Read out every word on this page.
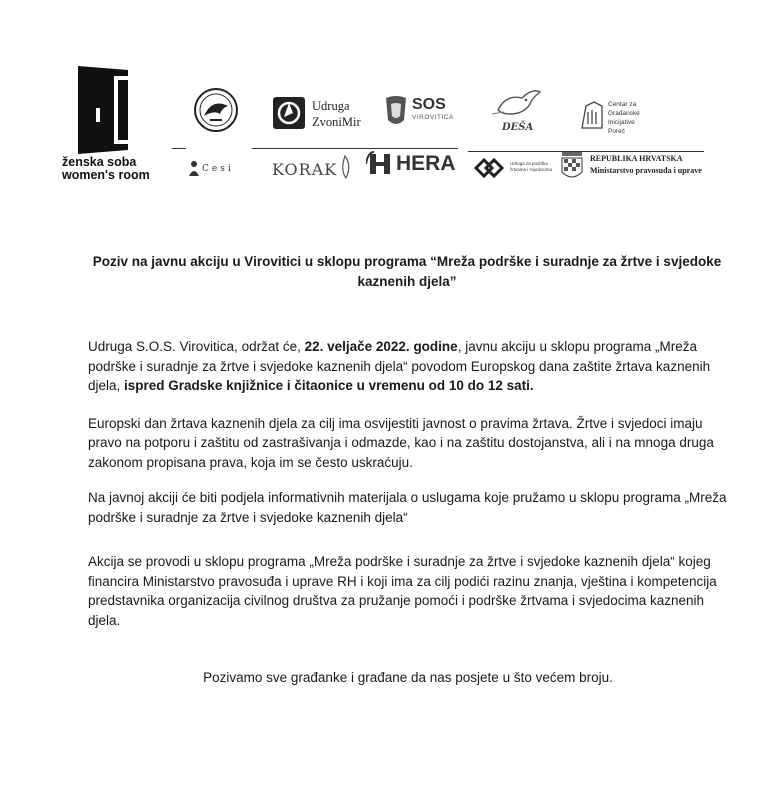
ženska soba
women's room
Udruga
ZvoniMir
SOS
VIROVITICA
DEŠA
Centar za
Građanske
Inicijative
Poreč
Cesi KORAK	HERA	Udruga za podršku
žrtvama i svjedocima
REPUBLIKA HRVATSKA
Ministarstvo pravosuđa i uprave
Poziv na javnu akciju u Virovitici u sklopu programa “Mreža podrške i suradnje za žrtve i svjedoke kaznenih djela”

Udruga S.O.S. Virovitica, održat će, 22. veljače 2022. godine, javnu akciju u sklopu programa „Mreža podrške i suradnje za žrtve i svjedoke kaznenih djela“ povodom Europskog dana zaštite žrtava kaznenih djela, ispred Gradske knjižnice i čitaonice u vremenu od 10 do 12 sati.

Europski dan žrtava kaznenih djela za cilj ima osvijestiti javnost o pravima žrtava. Žrtve i svjedoci imaju pravo na potporu i zaštitu od zastrašivanja i odmazde, kao i na zaštitu dostojanstva, ali i na mnoga druga zakonom propisana prava, koja im se često uskraćuju.

Na javnoj akciji će biti podjela informativnih materijala o uslugama koje pružamo u sklopu programa „Mreža podrške i suradnje za žrtve i svjedoke kaznenih djela“

Akcija se provodi u sklopu programa „Mreža podrške i suradnje za žrtve i svjedoke kaznenih djela“ kojeg financira Ministarstvo pravosuđa i uprave RH i koji ima za cilj podići razinu znanja, vještina i kompetencija predstavnika organizacija civilnog društva za pružanje pomoći i podrške žrtvama i svjedocima kaznenih djela.

Pozivamo sve građanke i građane da nas posjete u što većem broju.
